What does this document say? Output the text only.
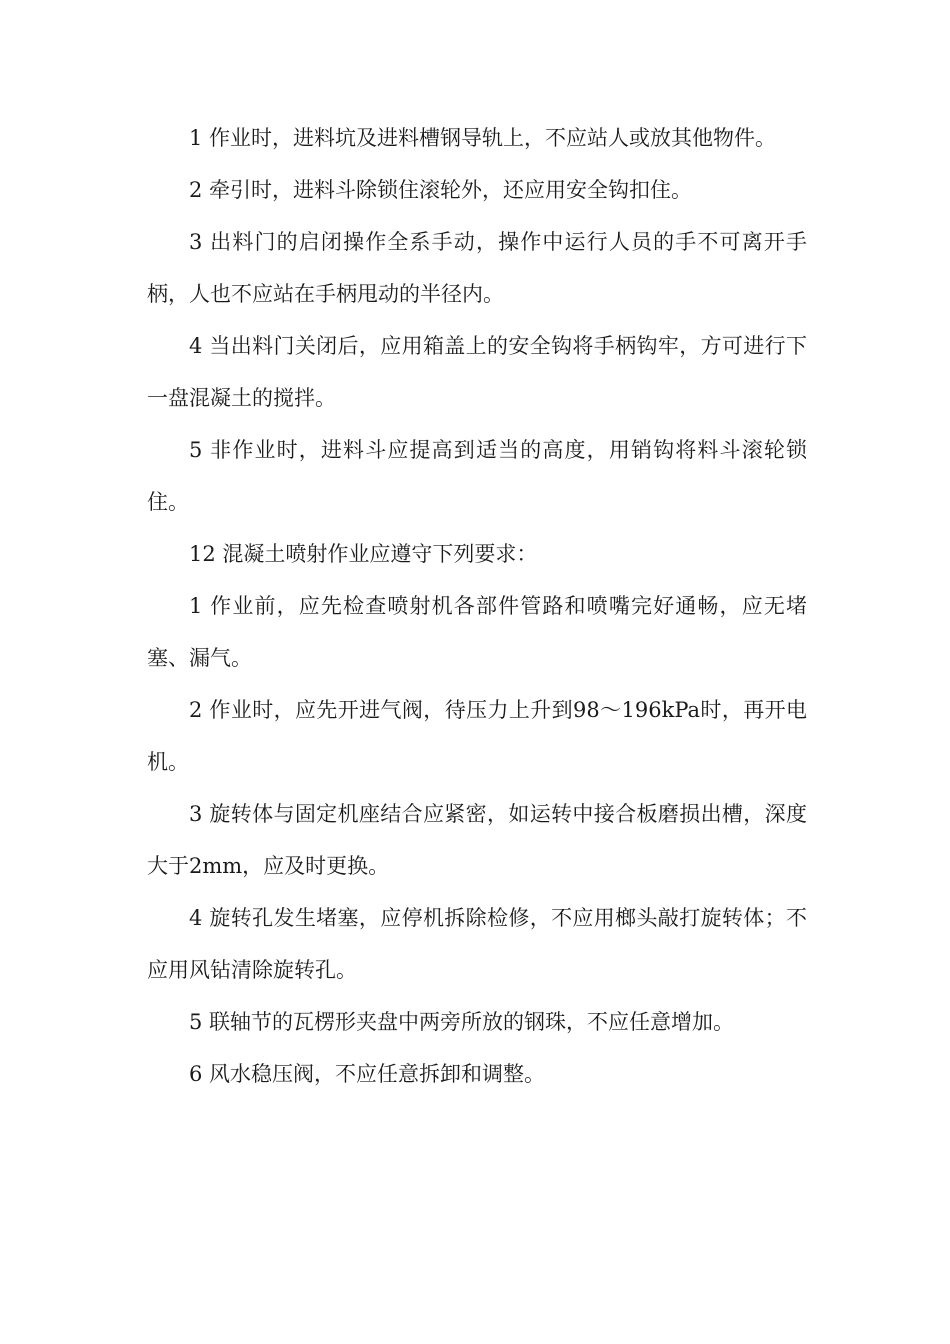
1 作业时，进料坑及进料槽钢导轨上，不应站人或放其他物件。

2 牵引时，进料斗除锁住滚轮外，还应用安全钩扣住。

3 出料门的启闭操作全系手动，操作中运行人员的手不可离开手柄，人也不应站在手柄甩动的半径内。

4 当出料门关闭后，应用箱盖上的安全钩将手柄钩牢，方可进行下一盘混凝土的搅拌。

5 非作业时，进料斗应提高到适当的高度，用销钩将料斗滚轮锁住。

12 混凝土喷射作业应遵守下列要求：

1 作业前，应先检查喷射机各部件管路和喷嘴完好通畅，应无堵塞、漏气。

2 作业时，应先开进气阀，待压力上升到98～196kPa时，再开电机。

3 旋转体与固定机座结合应紧密，如运转中接合板磨损出槽，深度大于2mm，应及时更换。

4 旋转孔发生堵塞，应停机拆除检修，不应用榔头敲打旋转体；不应用风钻清除旋转孔。

5 联轴节的瓦楞形夹盘中两旁所放的钢珠，不应任意增加。

6 风水稳压阀，不应任意拆卸和调整。
